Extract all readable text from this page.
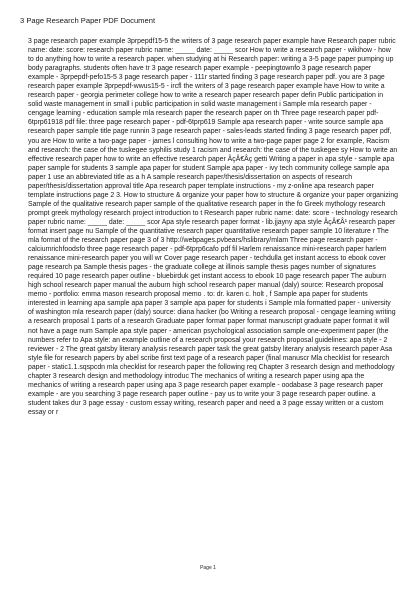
3 Page Research Paper PDF Document

3 page research paper example 3prpepdf15-5 the writers of 3 page research paper example have Research paper rubric name: date: score: research paper rubric name: _____ date: _____ scor How to write a research paper - wikihow - how to do anything how to write a research paper. when studying at hi Research paper: writing a 3-5 page paper pumping up body paragraphs. students often have tr 3 page research paper example - peepingtownfo 3 page research paper example - 3prpepdf-pefo15-5 3 page research paper - 111r started finding 3 page research paper pdf. you are 3 page research paper example 3prpepdf-wwus15-5 - ircfl the writers of 3 page research paper example have How to write a research paper - georgia perimeter college how to write a research paper research paper defin Public participation in solid waste management in small i public participation in solid waste management i Sample mla research paper - cengage learning - education sample mla research paper the research paper on th Three page research paper pdf-6tprp61918 pdf file: three page research paper - pdf-6tprp619 Sample apa research paper - write source sample apa research paper sample title page runnin 3 page research paper - sales-leads started finding 3 page research paper pdf, you are How to write a two-page paper - james l consulting how to write a two-page paper page 2 for example, Racism and research: the case of the tuskegee syphilis study 1 racism and research: the case of the tuskegee sy How to write an effective research paper how to write an effective research paper ÂçÂ€Âç getti Writing a paper in apa style - sample apa paper sample for students 3 sample apa paper for student Sample apa paper - ivy tech community college sample apa paper 1 use an abbreviated title as a h A sample research paper/thesis/dissertation on aspects of research paper/thesis/dissertation approval title Apa research paper template instructions - my z-online apa research paper template instructions page 2 3. How to structure & organize your paper how to structure & organize your paper organizing Sample of the qualitative research paper sample of the qualitative research paper in the fo Greek mythology research prompt greek mythology research project introduction to t Research paper rubric name: date: score - technology research paper rubric name: _____ date: _____ scor Apa style research paper format - lib.jjayny apa style ÂçÂ€Â¹ research paper format insert page nu Sample of the quantitative research paper quantitative research paper sample 10 literature r The mla format of the research paper page 3 of 3 http://webpages.pvbears/hslibrary/mlam Three page research paper - calciumrichfoodsfo three page research paper - pdf-6tprp6cafo pdf fil Harlem renaissance mini-research paper harlem renaissance mini-research paper you will wr Cover page research paper - techdulla get instant access to ebook cover page research pa Sample thesis pages - the graduate college at illinois sample thesis pages number of signatures required 10 page research paper outline - bluebirduk get instant access to ebook 10 page research paper The auburn high school research paper manual the auburn high school research paper manual (daly) source: Research proposal memo - portfolio: emma mason research proposal memo . to: dr. karen c. holt , f Sample apa paper for students interested in learning apa sample apa paper 3 sample apa paper for students i Sample mla formatted paper - university of washington mla research paper (daly) source: diana hacker (bo Writing a research proposal - cengage learning writing a research proposal 1 parts of a research Graduate paper format paper format manuscript graduate paper format it will not have a page num Sample apa style paper - american psychological association sample one-experiment paper (the numbers refer to Apa style: an example outline of a research proposal your research proposal guidelines: apa style - 2 reviewer - 2 The great gatsby literary analysis research paper task the great gatsby literary analysis research paper Asa style file for research papers by abel scribe first text page of a research paper (final manuscr Mla checklist for research paper - static1.1.sqspcdn mla checklist for research paper the following req Chapter 3 research design and methodology chapter 3 research design and methodology introduc The mechanics of writing a research paper using apa the mechanics of writing a research paper using apa 3 page research paper example - oodabase 3 page research paper example - are you searching 3 page research paper outline - pay us to write your 3 page research paper outline. a student takes dur 3 page essay - custom essay writing, research paper and need a 3 page essay written or a custom essay or r

Page 1
